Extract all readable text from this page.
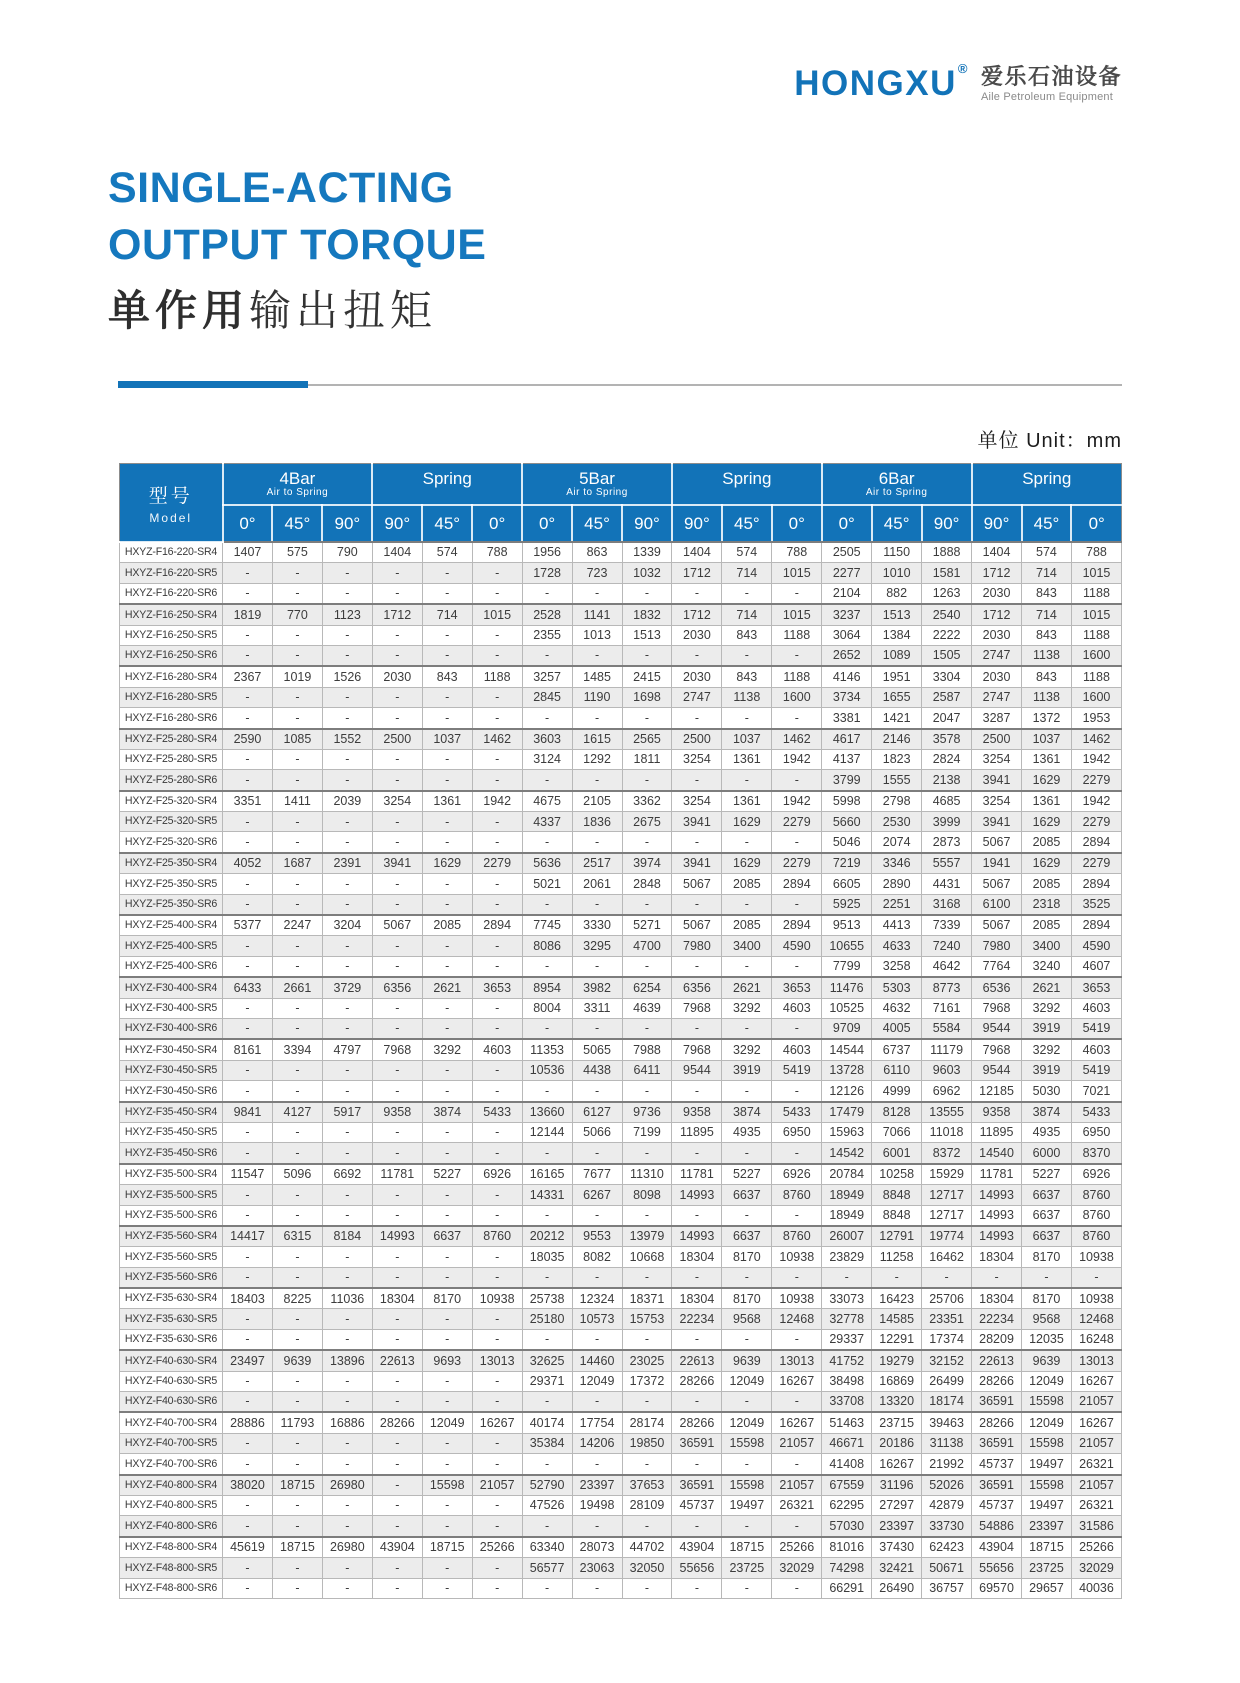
HONGXU® 爱乐石油设备
Aile Petroleum Equipment
SINGLE-ACTING
OUTPUT TORQUE
单作用输出扭矩
单位 Unit：mm
型号
Model

4Bar
Air to Spring

Spring	5Bar
Air to Spring

Spring	6Bar
Air to Spring

Spring

	0°	45°	90°	90°	45°	0°	0°	45°	90°	90°	45°	0°	0°	45°	90°	90°	45°	0°
HXYZ-F16-220-SR4	1407	575	790	1404	574	788	1956	863	1339	1404	574	788	2505	1150	1888	1404	574	788
HXYZ-F16-220-SR5	-	-	-	-	-	-	1728	723	1032	1712	714	1015	2277	1010	1581	1712	714	1015
HXYZ-F16-220-SR6	-	-	-	-	-	-	-	-	-	-	-	-	2104	882	1263	2030	843	1188
HXYZ-F16-250-SR4	1819	770	1123	1712	714	1015	2528	1141	1832	1712	714	1015	3237	1513	2540	1712	714	1015
HXYZ-F16-250-SR5	-	-	-	-	-	-	2355	1013	1513	2030	843	1188	3064	1384	2222	2030	843	1188
HXYZ-F16-250-SR6	-	-	-	-	-	-	-	-	-	-	-	-	2652	1089	1505	2747	1138	1600
HXYZ-F16-280-SR4	2367	1019	1526	2030	843	1188	3257	1485	2415	2030	843	1188	4146	1951	3304	2030	843	1188
HXYZ-F16-280-SR5	-	-	-	-	-	-	2845	1190	1698	2747	1138	1600	3734	1655	2587	2747	1138	1600
HXYZ-F16-280-SR6	-	-	-	-	-	-	-	-	-	-	-	-	3381	1421	2047	3287	1372	1953
HXYZ-F25-280-SR4	2590	1085	1552	2500	1037	1462	3603	1615	2565	2500	1037	1462	4617	2146	3578	2500	1037	1462
HXYZ-F25-280-SR5	-	-	-	-	-	-	3124	1292	1811	3254	1361	1942	4137	1823	2824	3254	1361	1942
HXYZ-F25-280-SR6	-	-	-	-	-	-	-	-	-	-	-	-	3799	1555	2138	3941	1629	2279
HXYZ-F25-320-SR4	3351	1411	2039	3254	1361	1942	4675	2105	3362	3254	1361	1942	5998	2798	4685	3254	1361	1942
HXYZ-F25-320-SR5	-	-	-	-	-	-	4337	1836	2675	3941	1629	2279	5660	2530	3999	3941	1629	2279
HXYZ-F25-320-SR6	-	-	-	-	-	-	-	-	-	-	-	-	5046	2074	2873	5067	2085	2894
HXYZ-F25-350-SR4	4052	1687	2391	3941	1629	2279	5636	2517	3974	3941	1629	2279	7219	3346	5557	1941	1629	2279
HXYZ-F25-350-SR5	-	-	-	-	-	-	5021	2061	2848	5067	2085	2894	6605	2890	4431	5067	2085	2894
HXYZ-F25-350-SR6	-	-	-	-	-	-	-	-	-	-	-	-	5925	2251	3168	6100	2318	3525
HXYZ-F25-400-SR4	5377	2247	3204	5067	2085	2894	7745	3330	5271	5067	2085	2894	9513	4413	7339	5067	2085	2894
HXYZ-F25-400-SR5	-	-	-	-	-	-	8086	3295	4700	7980	3400	4590	10655	4633	7240	7980	3400	4590
HXYZ-F25-400-SR6	-	-	-	-	-	-	-	-	-	-	-	-	7799	3258	4642	7764	3240	4607
HXYZ-F30-400-SR4	6433	2661	3729	6356	2621	3653	8954	3982	6254	6356	2621	3653	11476	5303	8773	6536	2621	3653
HXYZ-F30-400-SR5	-	-	-	-	-	-	8004	3311	4639	7968	3292	4603	10525	4632	7161	7968	3292	4603
HXYZ-F30-400-SR6	-	-	-	-	-	-	-	-	-	-	-	-	9709	4005	5584	9544	3919	5419
HXYZ-F30-450-SR4	8161	3394	4797	7968	3292	4603	11353	5065	7988	7968	3292	4603	14544	6737	11179	7968	3292	4603
HXYZ-F30-450-SR5	-	-	-	-	-	-	10536	4438	6411	9544	3919	5419	13728	6110	9603	9544	3919	5419
HXYZ-F30-450-SR6	-	-	-	-	-	-	-	-	-	-	-	-	12126	4999	6962	12185	5030	7021
HXYZ-F35-450-SR4	9841	4127	5917	9358	3874	5433	13660	6127	9736	9358	3874	5433	17479	8128	13555	9358	3874	5433
HXYZ-F35-450-SR5	-	-	-	-	-	-	12144	5066	7199	11895	4935	6950	15963	7066	11018	11895	4935	6950
HXYZ-F35-450-SR6	-	-	-	-	-	-	-	-	-	-	-	-	14542	6001	8372	14540	6000	8370
HXYZ-F35-500-SR4	11547	5096	6692	11781	5227	6926	16165	7677	11310	11781	5227	6926	20784	10258	15929	11781	5227	6926
HXYZ-F35-500-SR5	-	-	-	-	-	-	14331	6267	8098	14993	6637	8760	18949	8848	12717	14993	6637	8760
HXYZ-F35-500-SR6	-	-	-	-	-	-	-	-	-	-	-	-	18949	8848	12717	14993	6637	8760
HXYZ-F35-560-SR4	14417	6315	8184	14993	6637	8760	20212	9553	13979	14993	6637	8760	26007	12791	19774	14993	6637	8760
HXYZ-F35-560-SR5	-	-	-	-	-	-	18035	8082	10668	18304	8170	10938	23829	11258	16462	18304	8170	10938
HXYZ-F35-560-SR6	-	-	-	-	-	-	-	-	-	-	-	-	-	-	-	-	-	-
HXYZ-F35-630-SR4	18403	8225	11036	18304	8170	10938	25738	12324	18371	18304	8170	10938	33073	16423	25706	18304	8170	10938
HXYZ-F35-630-SR5	-	-	-	-	-	-	25180	10573	15753	22234	9568	12468	32778	14585	23351	22234	9568	12468
HXYZ-F35-630-SR6	-	-	-	-	-	-	-	-	-	-	-	-	29337	12291	17374	28209	12035	16248
HXYZ-F40-630-SR4	23497	9639	13896	22613	9693	13013	32625	14460	23025	22613	9639	13013	41752	19279	32152	22613	9639	13013
HXYZ-F40-630-SR5	-	-	-	-	-	-	29371	12049	17372	28266	12049	16267	38498	16869	26499	28266	12049	16267
HXYZ-F40-630-SR6	-	-	-	-	-	-	-	-	-	-	-	-	33708	13320	18174	36591	15598	21057
HXYZ-F40-700-SR4	28886	11793	16886	28266	12049	16267	40174	17754	28174	28266	12049	16267	51463	23715	39463	28266	12049	16267
HXYZ-F40-700-SR5	-	-	-	-	-	-	35384	14206	19850	36591	15598	21057	46671	20186	31138	36591	15598	21057
HXYZ-F40-700-SR6	-	-	-	-	-	-	-	-	-	-	-	-	41408	16267	21992	45737	19497	26321
HXYZ-F40-800-SR4	38020	18715	26980	-	15598	21057	52790	23397	37653	36591	15598	21057	67559	31196	52026	36591	15598	21057
HXYZ-F40-800-SR5	-	-	-	-	-	-	47526	19498	28109	45737	19497	26321	62295	27297	42879	45737	19497	26321
HXYZ-F40-800-SR6	-	-	-	-	-	-	-	-	-	-	-	-	57030	23397	33730	54886	23397	31586
HXYZ-F48-800-SR4	45619	18715	26980	43904	18715	25266	63340	28073	44702	43904	18715	25266	81016	37430	62423	43904	18715	25266
HXYZ-F48-800-SR5	-	-	-	-	-	-	56577	23063	32050	55656	23725	32029	74298	32421	50671	55656	23725	32029
HXYZ-F48-800-SR6	-	-	-	-	-	-	-	-	-	-	-	-	66291	26490	36757	69570	29657	40036
